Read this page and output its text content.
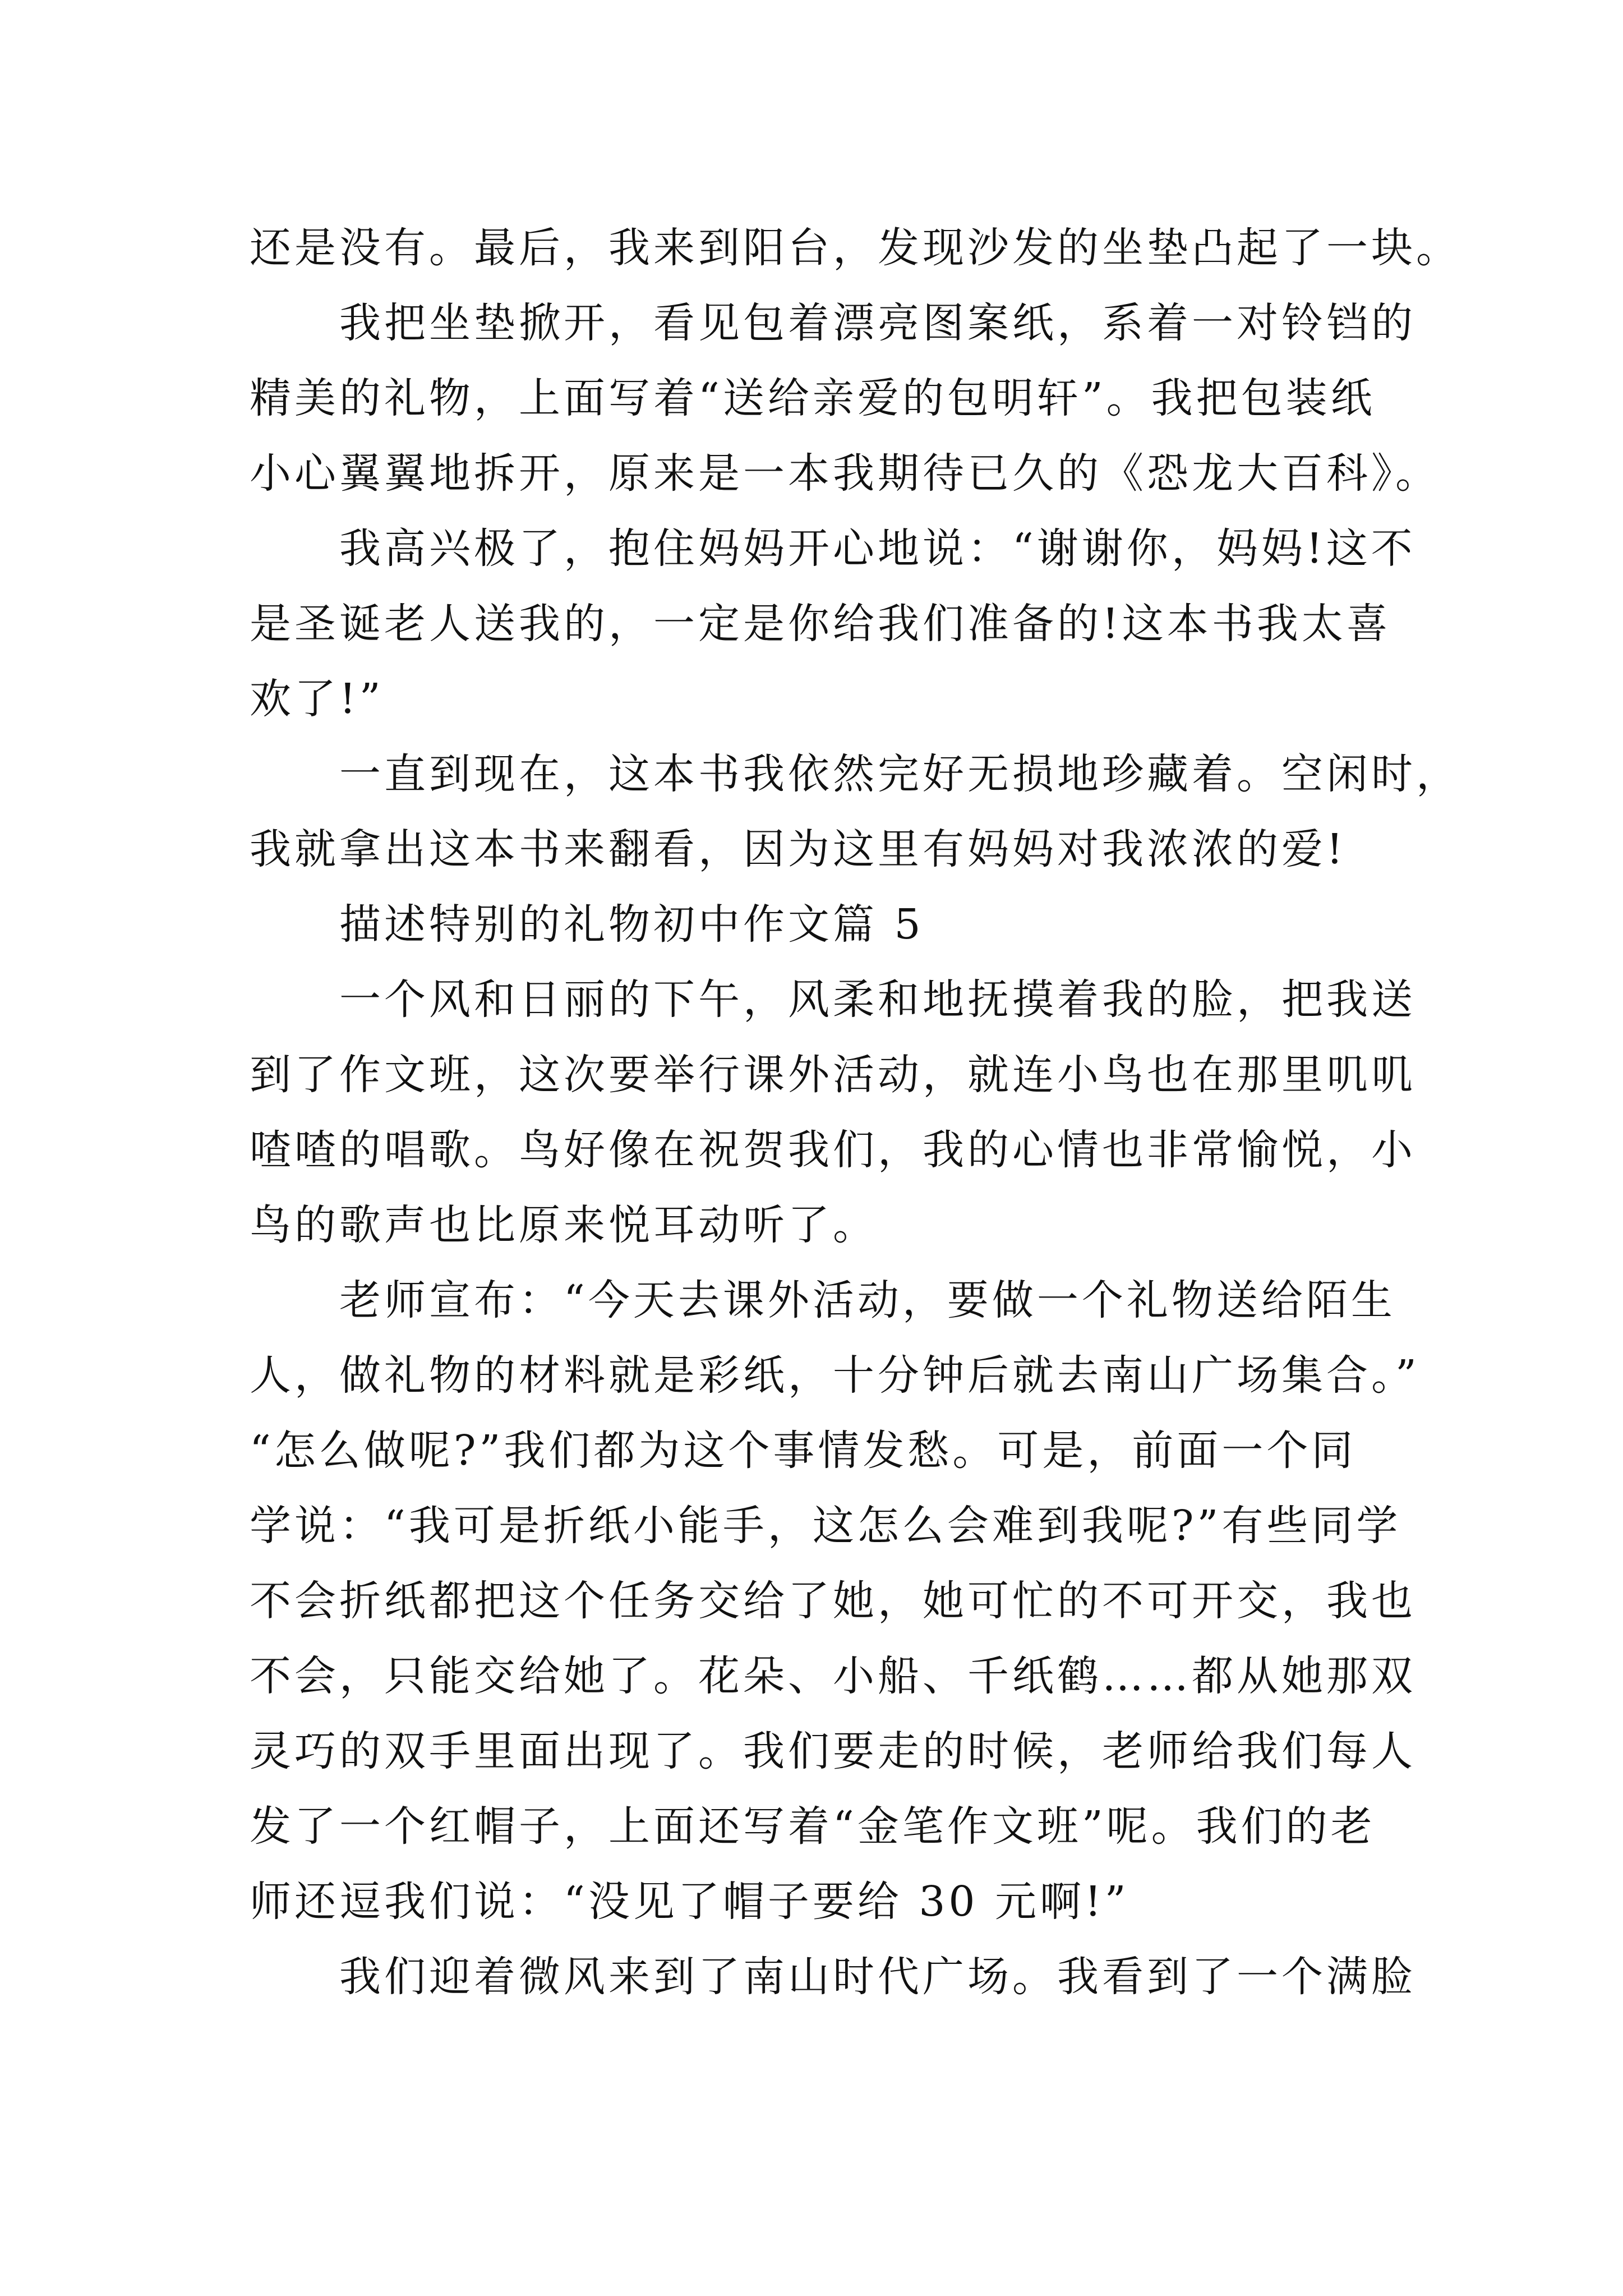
还是没有。最后，我来到阳台，发现沙发的坐垫凸起了一块。
我把坐垫掀开，看见包着漂亮图案纸，系着一对铃铛的
精美的礼物，上面写着“送给亲爱的包明轩”。我把包装纸
小心翼翼地拆开，原来是一本我期待已久的《恐龙大百科》。
我高兴极了，抱住妈妈开心地说：“谢谢你，妈妈!这不
是圣诞老人送我的，一定是你给我们准备的!这本书我太喜
欢了!”
一直到现在，这本书我依然完好无损地珍藏着。空闲时，
我就拿出这本书来翻看，因为这里有妈妈对我浓浓的爱!
描述特别的礼物初中作文篇 5
一个风和日丽的下午，风柔和地抚摸着我的脸，把我送
到了作文班，这次要举行课外活动，就连小鸟也在那里叽叽
喳喳的唱歌。鸟好像在祝贺我们，我的心情也非常愉悦，小
鸟的歌声也比原来悦耳动听了。
老师宣布：“今天去课外活动，要做一个礼物送给陌生
人，做礼物的材料就是彩纸，十分钟后就去南山广场集合。”
“怎么做呢?”我们都为这个事情发愁。可是，前面一个同
学说：“我可是折纸小能手，这怎么会难到我呢?”有些同学
不会折纸都把这个任务交给了她，她可忙的不可开交，我也
不会，只能交给她了。花朵、小船、千纸鹤……都从她那双
灵巧的双手里面出现了。我们要走的时候，老师给我们每人
发了一个红帽子，上面还写着“金笔作文班”呢。我们的老
师还逗我们说：“没见了帽子要给 30 元啊!”
我们迎着微风来到了南山时代广场。我看到了一个满脸
